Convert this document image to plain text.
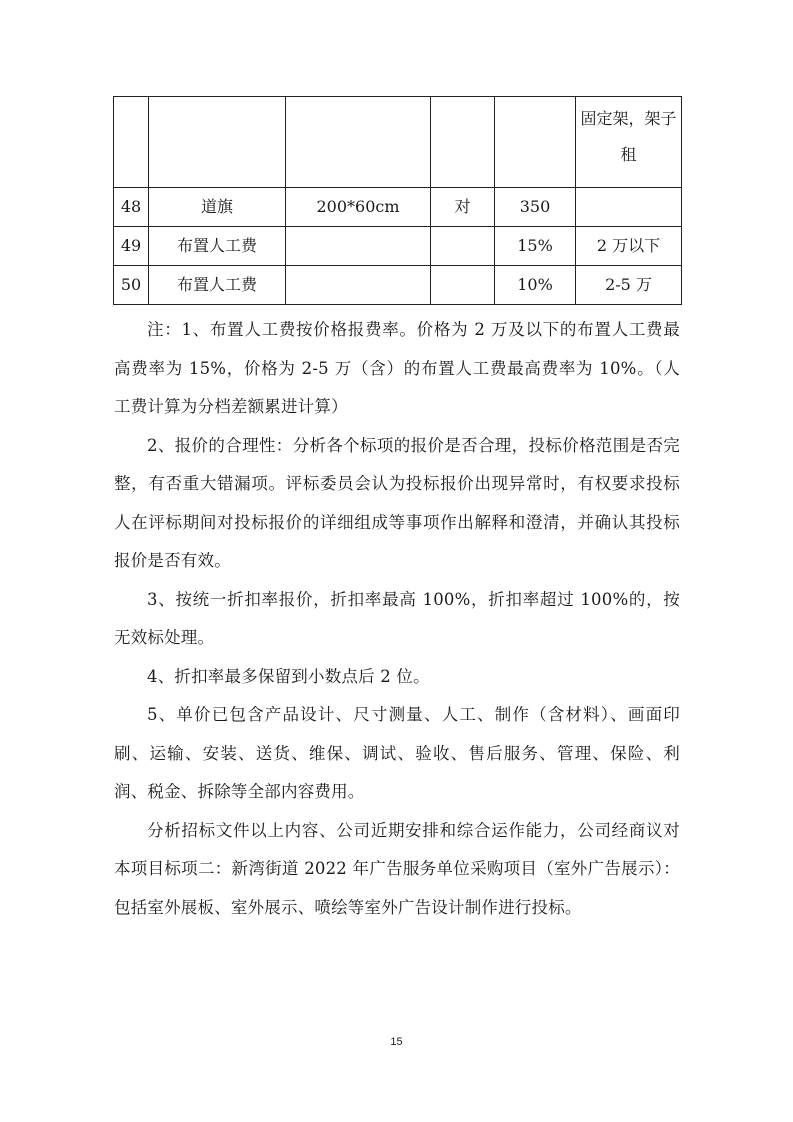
					固定架，架子租
48	道旗	200*60cm	对	350	
49	布置人工费			15%	2 万以下
50	布置人工费			10%	2-5 万

注：1、布置人工费按价格报费率。价格为 2 万及以下的布置人工费最高费率为 15%，价格为 2-5 万（含）的布置人工费最高费率为 10%。（人工费计算为分档差额累进计算）

2、报价的合理性：分析各个标项的报价是否合理，投标价格范围是否完整，有否重大错漏项。评标委员会认为投标报价出现异常时，有权要求投标人在评标期间对投标报价的详细组成等事项作出解释和澄清，并确认其投标报价是否有效。

3、按统一折扣率报价，折扣率最高 100%，折扣率超过 100%的，按无效标处理。

4、折扣率最多保留到小数点后 2 位。

5、单价已包含产品设计、尺寸测量、人工、制作（含材料）、画面印刷、运输、安装、送货、维保、调试、验收、售后服务、管理、保险、利润、税金、拆除等全部内容费用。

分析招标文件以上内容、公司近期安排和综合运作能力，公司经商议对本项目标项二：新湾街道 2022 年广告服务单位采购项目（室外广告展示）：包括室外展板、室外展示、喷绘等室外广告设计制作进行投标。

15
